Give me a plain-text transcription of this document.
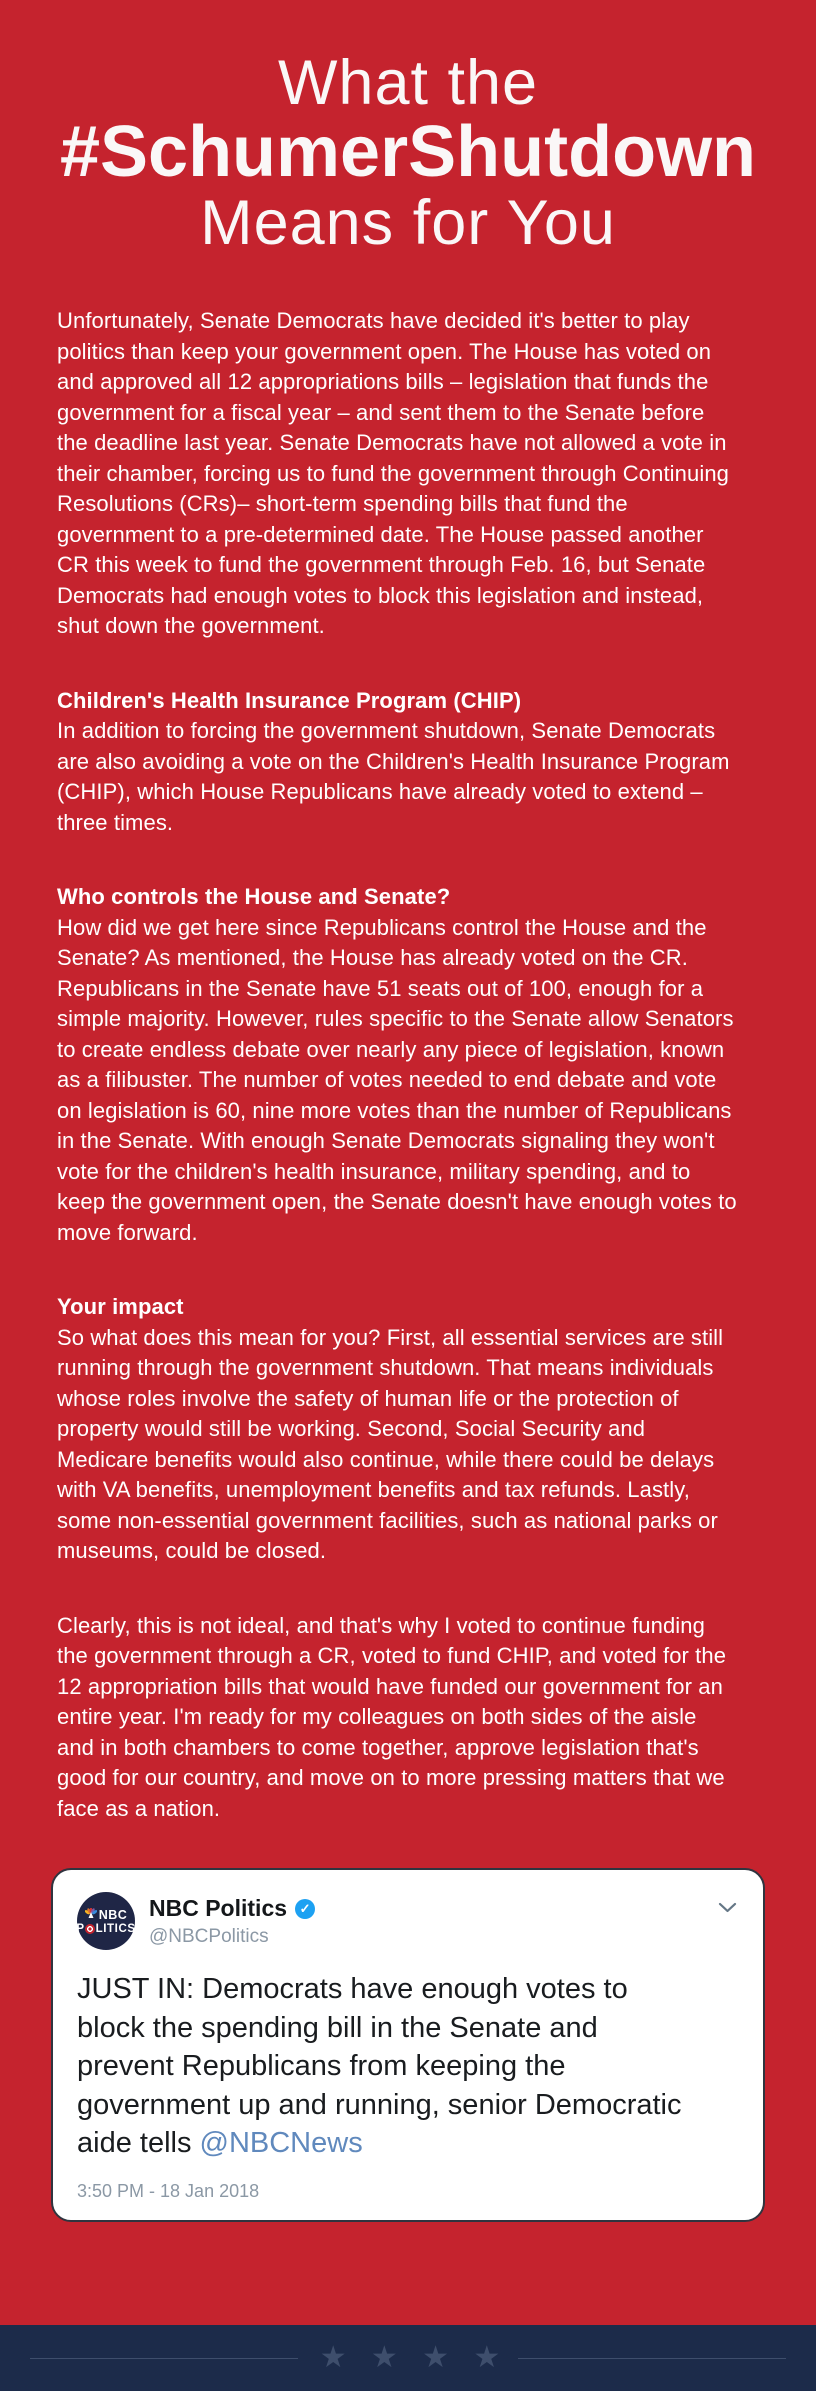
What the
#SchumerShutdown
Means for You

Unfortunately, Senate Democrats have decided it's better to play politics than keep your government open. The House has voted on and approved all 12 appropriations bills – legislation that funds the government for a fiscal year – and sent them to the Senate before the deadline last year. Senate Democrats have not allowed a vote in their chamber, forcing us to fund the government through Continuing Resolutions (CRs)– short-term spending bills that fund the government to a pre-determined date. The House passed another CR this week to fund the government through Feb. 16, but Senate Democrats had enough votes to block this legislation and instead, shut down the government.

Children's Health Insurance Program (CHIP)

In addition to forcing the government shutdown, Senate Democrats are also avoiding a vote on the Children's Health Insurance Program (CHIP), which House Republicans have already voted to extend – three times.

Who controls the House and Senate?

How did we get here since Republicans control the House and the Senate? As mentioned, the House has already voted on the CR. Republicans in the Senate have 51 seats out of 100, enough for a simple majority. However, rules specific to the Senate allow Senators to create endless debate over nearly any piece of legislation, known as a filibuster. The number of votes needed to end debate and vote on legislation is 60, nine more votes than the number of Republicans in the Senate. With enough Senate Democrats signaling they won't vote for the children's health insurance, military spending, and to keep the government open, the Senate doesn't have enough votes to move forward.

Your impact

So what does this mean for you? First, all essential services are still running through the government shutdown. That means individuals whose roles involve the safety of human life or the protection of property would still be working. Second, Social Security and Medicare benefits would also continue, while there could be delays with VA benefits, unemployment benefits and tax refunds. Lastly, some non-essential government facilities, such as national parks or museums, could be closed.

Clearly, this is not ideal, and that's why I voted to continue funding the government through a CR, voted to fund CHIP, and voted for the 12 appropriation bills that would have funded our government for an entire year. I'm ready for my colleagues on both sides of the aisle and in both chambers to come together, approve legislation that's good for our country, and move on to more pressing matters that we face as a nation.

NBC
P LITICS
NBC Politics ✓
@NBCPolitics

JUST IN: Democrats have enough votes to block the spending bill in the Senate and prevent Republicans from keeping the government up and running, senior Democratic aide tells @NBCNews

3:50 PM - 18 Jan 2018
★ ★ ★ ★
